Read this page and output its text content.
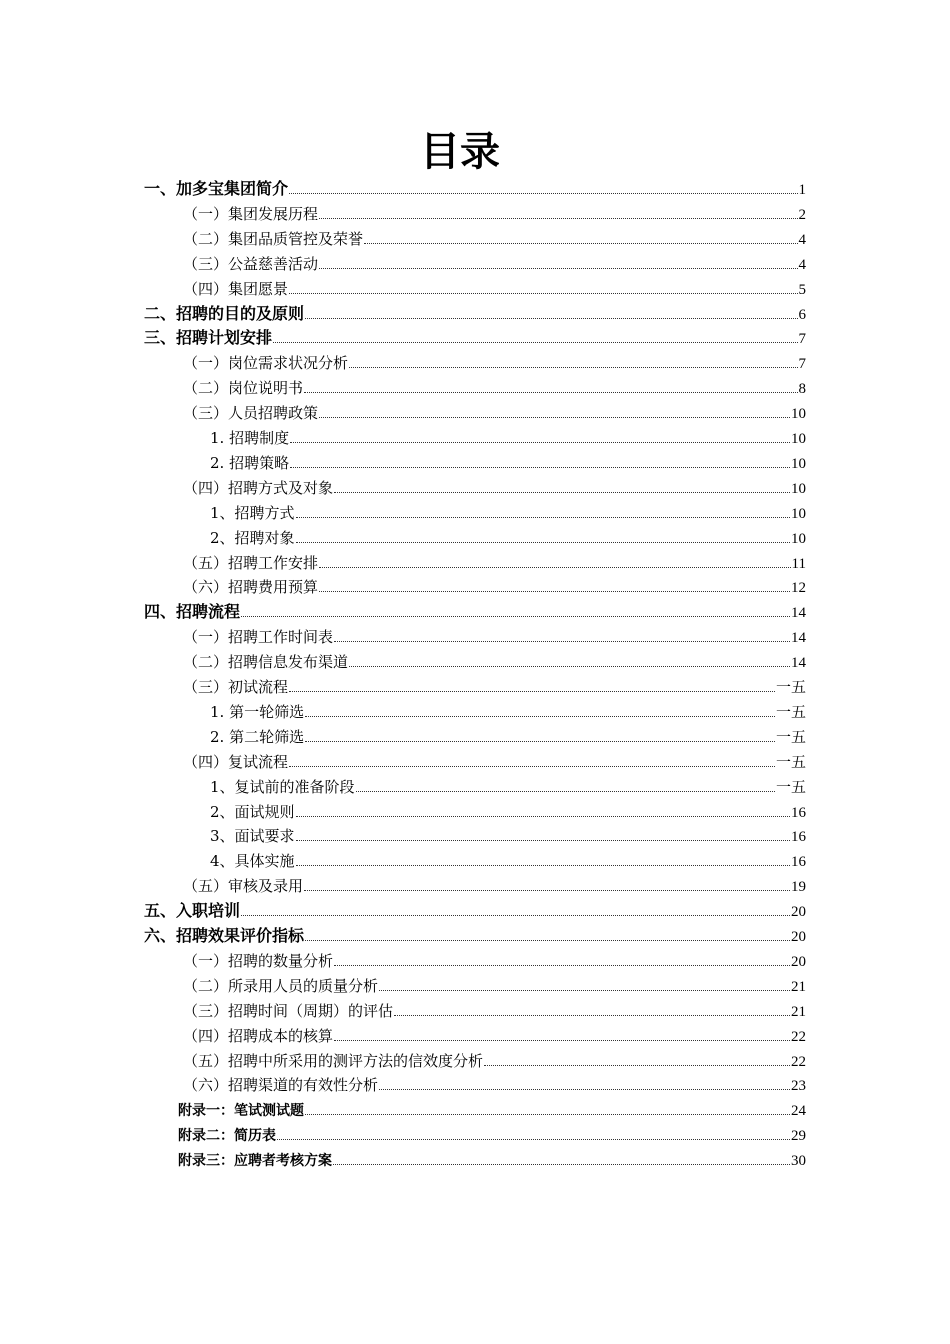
目录
一、加多宝集团简介	1
（一）集团发展历程	2
（二）集团品质管控及荣誉	4
（三）公益慈善活动	4
（四）集团愿景	5
二、招聘的目的及原则	6
三、招聘计划安排	7
（一）岗位需求状况分析	7
（二）岗位说明书	8
（三）人员招聘政策	10
1. 招聘制度	10
2. 招聘策略	10
（四）招聘方式及对象	10
1、招聘方式	10
2、招聘对象	10
（五）招聘工作安排	11
（六）招聘费用预算	12
四、招聘流程	14
（一）招聘工作时间表	14
（二）招聘信息发布渠道	14
（三）初试流程	一五
1. 第一轮筛选	一五
2. 第二轮筛选	一五
（四）复试流程	一五
1、复试前的准备阶段	一五
2、面试规则	16
3、面试要求	16
4、具体实施	16
（五）审核及录用	19
五、入职培训	20
六、招聘效果评价指标	20
（一）招聘的数量分析	20
（二）所录用人员的质量分析	21
（三）招聘时间（周期）的评估	21
（四）招聘成本的核算	22
（五）招聘中所采用的测评方法的信效度分析	22
（六）招聘渠道的有效性分析	23
附录一：笔试测试题	24
附录二：简历表	29
附录三：应聘者考核方案	30
